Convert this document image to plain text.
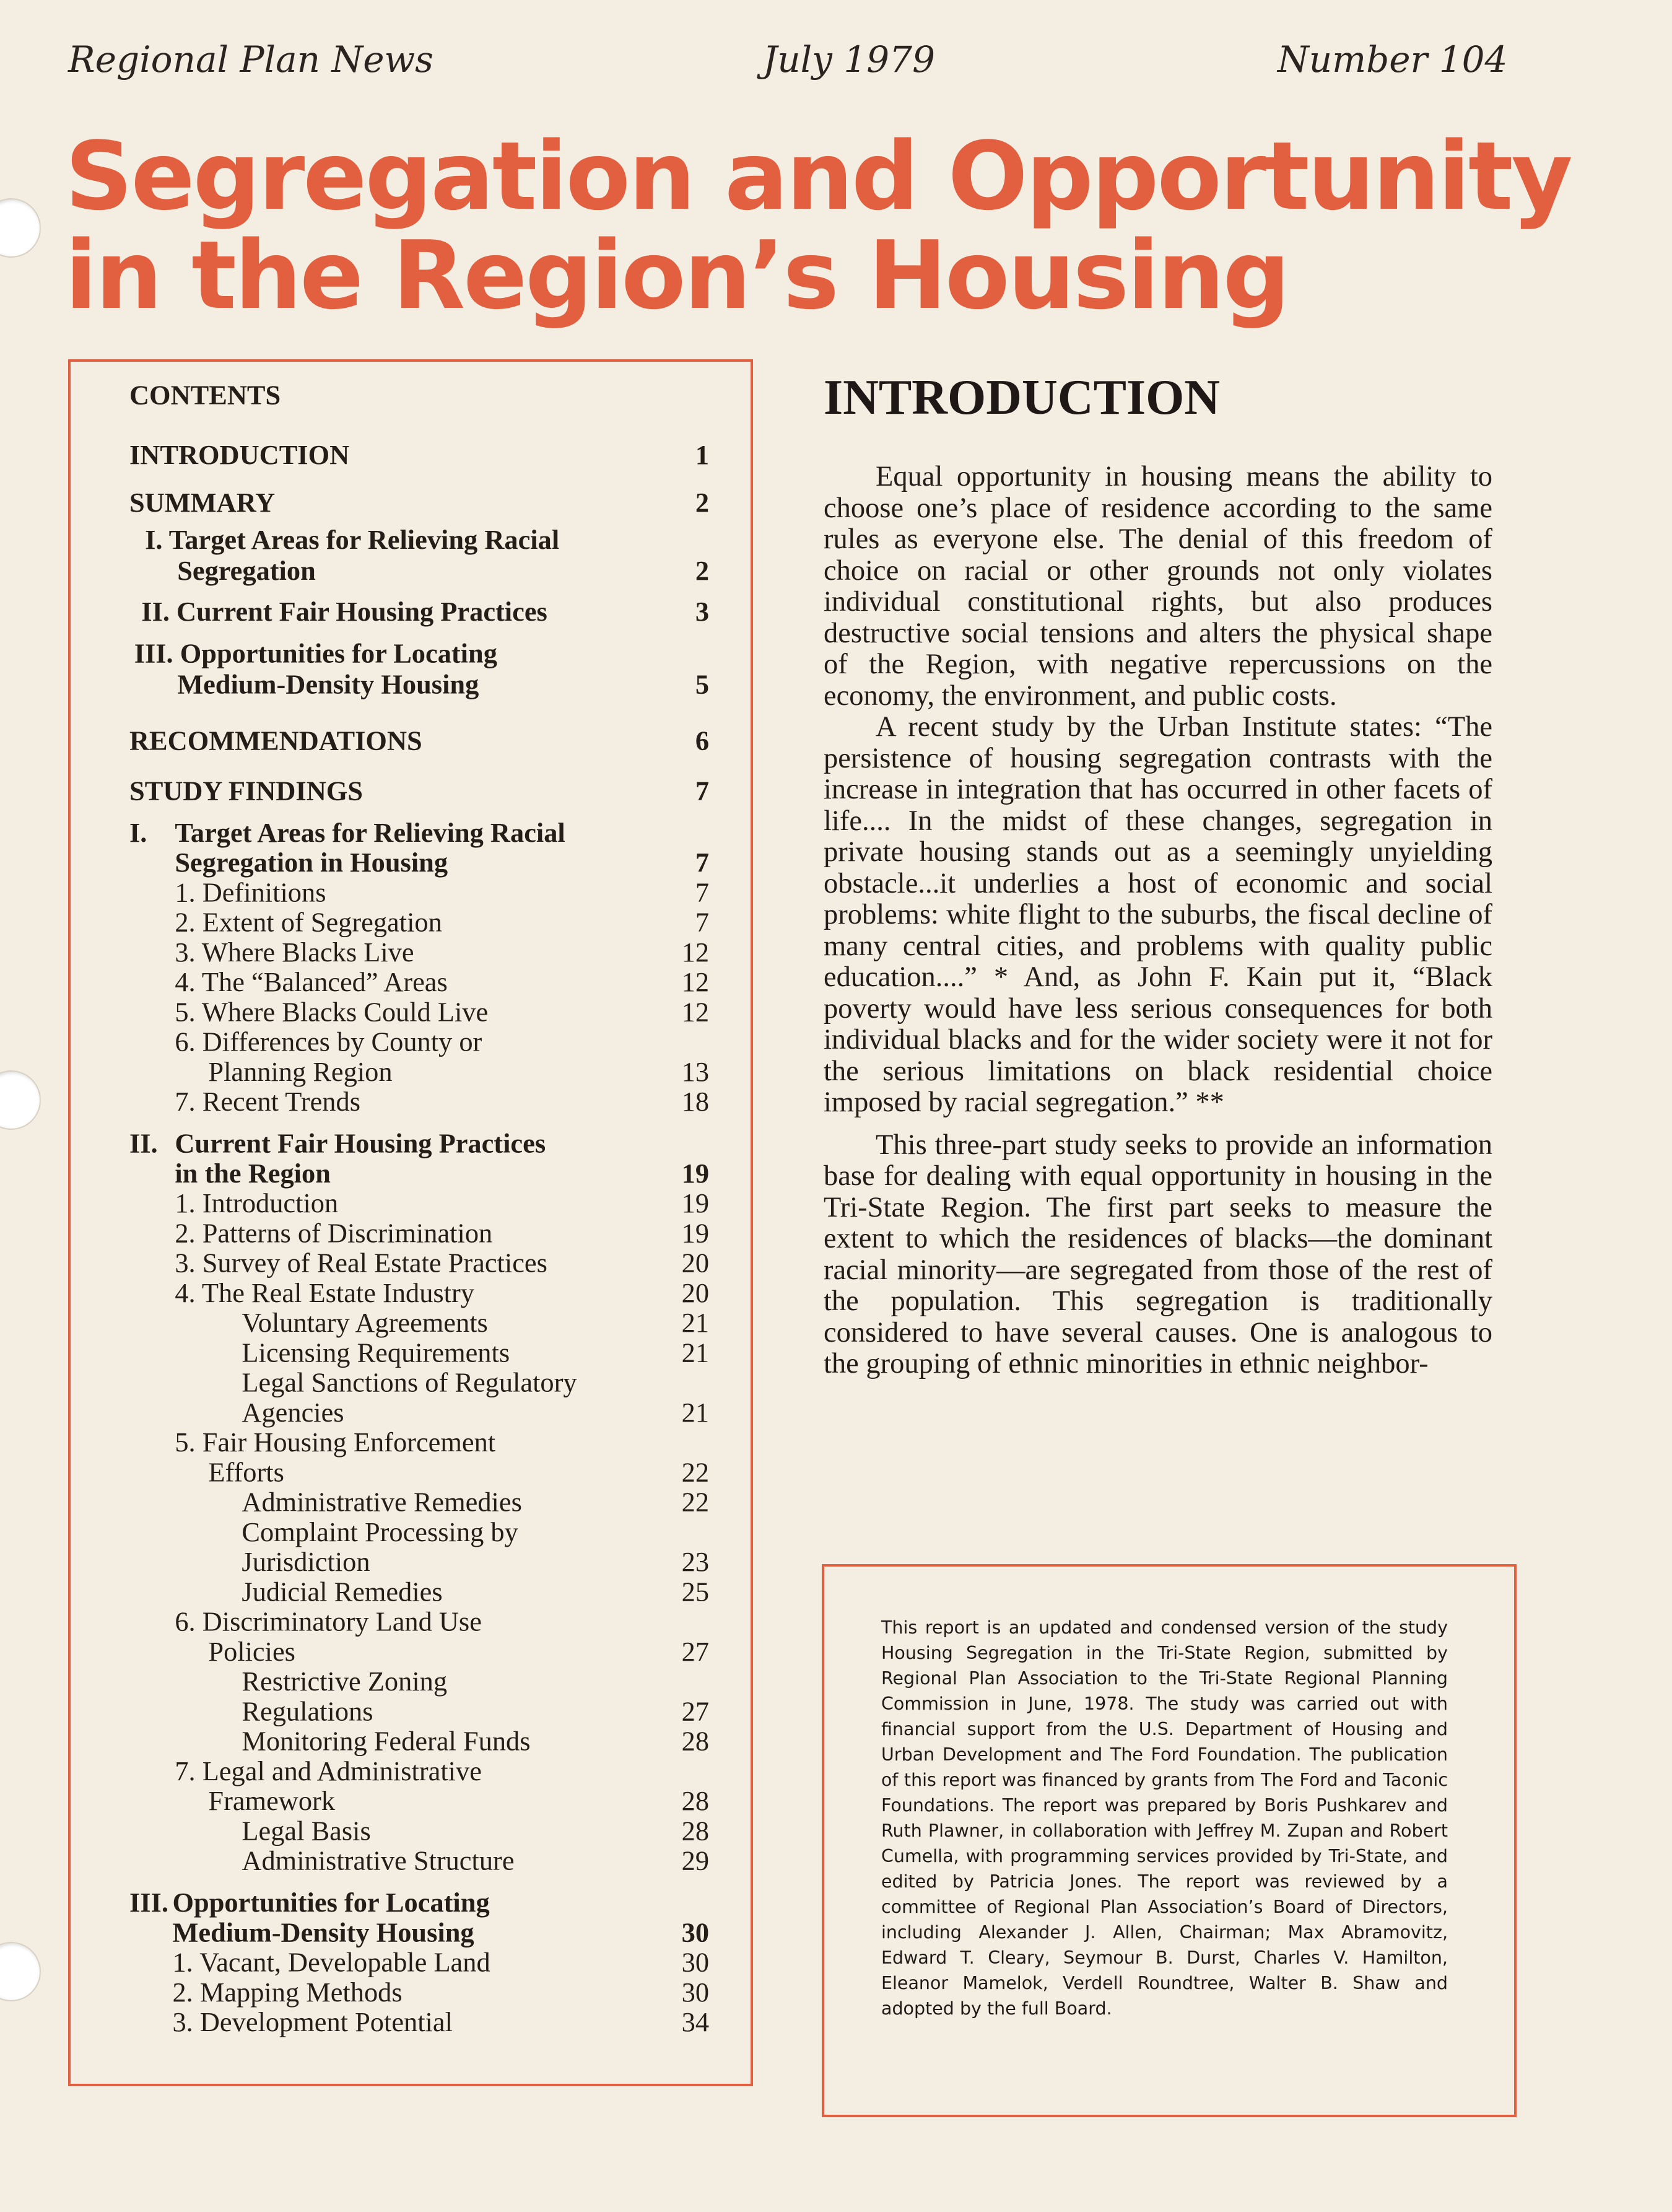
Regional Plan News	July 1979	Number 104
Segregation and Opportunity
in the Region’s Housing
CONTENTS
INTRODUCTION	1
SUMMARY	2
I. Target Areas for Relieving Racial
Segregation	2
II. Current Fair Housing Practices	3
III. Opportunities for Locating
Medium-Density Housing	5
RECOMMENDATIONS	6
STUDY FINDINGS	7
I. Target Areas for Relieving Racial
Segregation in Housing	7
1. Definitions	7
2. Extent of Segregation	7
3. Where Blacks Live	12
4. The “Balanced” Areas	12
5. Where Blacks Could Live	12
6. Differences by County or
Planning Region	13
7. Recent Trends	18
II. Current Fair Housing Practices
in the Region	19
1. Introduction	19
2. Patterns of Discrimination	19
3. Survey of Real Estate Practices	20
4. The Real Estate Industry	20
Voluntary Agreements	21
Licensing Requirements	21
Legal Sanctions of Regulatory
Agencies	21
5. Fair Housing Enforcement
Efforts	22
Administrative Remedies	22
Complaint Processing by
Jurisdiction	23
Judicial Remedies	25
6. Discriminatory Land Use
Policies	27
Restrictive Zoning
Regulations	27
Monitoring Federal Funds	28
7. Legal and Administrative
Framework	28
Legal Basis	28
Administrative Structure	29
III. Opportunities for Locating
Medium-Density Housing	30
1. Vacant, Developable Land	30
2. Mapping Methods	30
3. Development Potential	34
INTRODUCTION

Equal opportunity in housing means the ability to choose one’s place of residence according to the same rules as everyone else. The denial of this freedom of choice on racial or other grounds not only violates individual constitutional rights, but also produces destructive social tensions and alters the physical shape of the Region, with negative repercussions on the economy, the environment, and public costs.

A recent study by the Urban Institute states: “The persistence of housing segregation contrasts with the increase in integration that has occurred in other facets of life.... In the midst of these changes, segregation in private housing stands out as a seemingly unyielding obstacle...it underlies a host of economic and social problems: white flight to the suburbs, the fiscal decline of many central cities, and problems with quality public education....” * And, as John F. Kain put it, “Black poverty would have less serious consequences for both individual blacks and for the wider society were it not for the serious limitations on black residential choice imposed by racial segregation.” **

This three-part study seeks to provide an information base for dealing with equal opportunity in housing in the Tri-State Region. The first part seeks to measure the extent to which the residences of blacks—the dominant racial minority—are segregated from those of the rest of the population. This segregation is traditionally considered to have several causes. One is analogous to the grouping of ethnic minorities in ethnic neighbor-

This report is an updated and condensed version of the study Housing Segregation in the Tri-State Region, submitted by Regional Plan Association to the Tri-State Regional Planning Commission in June, 1978. The study was carried out with financial support from the U.S. Department of Housing and Urban Development and The Ford Foundation. The publication of this report was financed by grants from The Ford and Taconic Foundations. The report was prepared by Boris Pushkarev and Ruth Plawner, in collaboration with Jeffrey M. Zupan and Robert Cumella, with programming services provided by Tri-State, and edited by Patricia Jones. The report was reviewed by a committee of Regional Plan Association’s Board of Directors, including Alexander J. Allen, Chairman; Max Abramovitz, Edward T. Cleary, Seymour B. Durst, Charles V. Hamilton, Eleanor Mamelok, Verdell Roundtree, Walter B. Shaw and adopted by the full Board.
